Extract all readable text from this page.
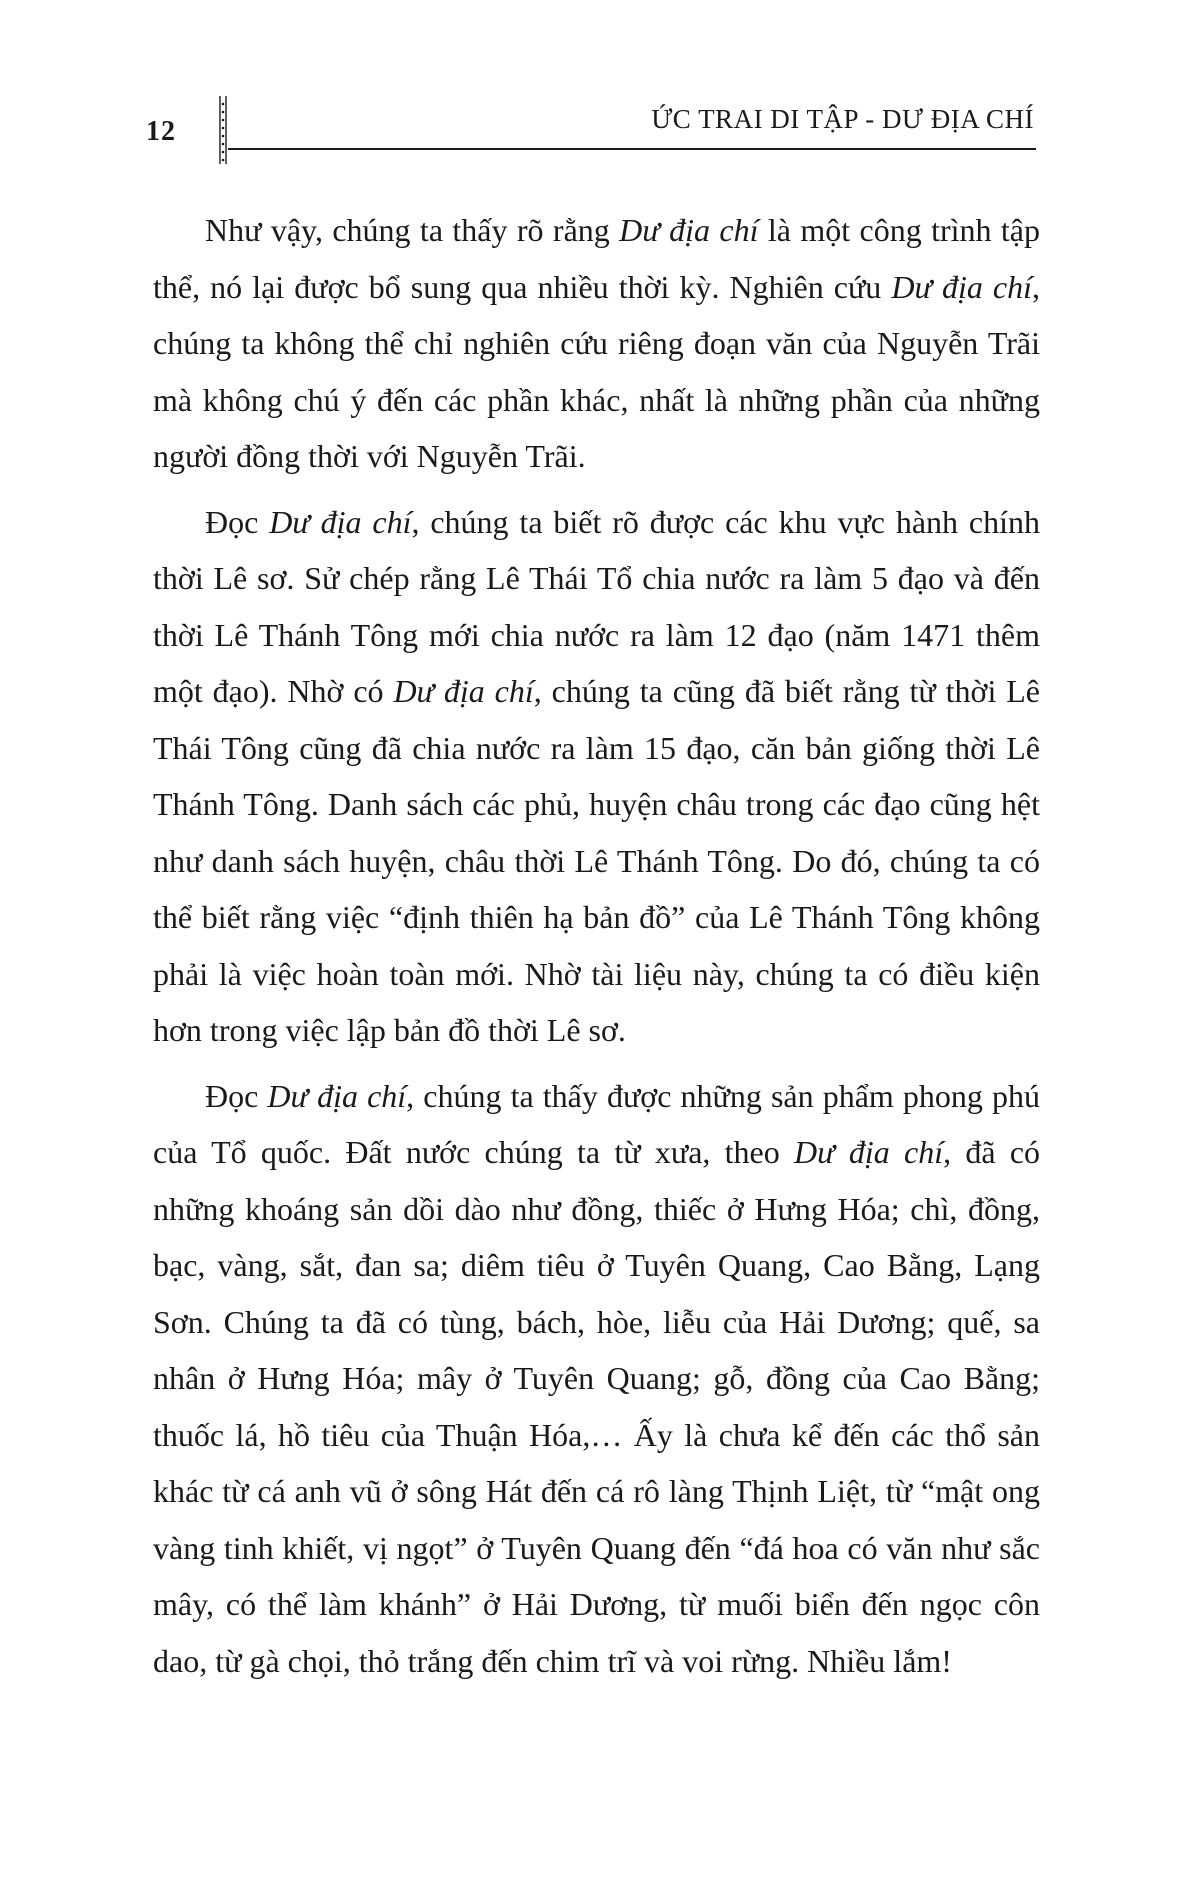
12	ỨC TRAI DI TẬP - DƯ ĐỊA CHÍ

Như vậy, chúng ta thấy rõ rằng Dư địa chí là một công trình tập thể, nó lại được bổ sung qua nhiều thời kỳ. Nghiên cứu Dư địa chí, chúng ta không thể chỉ nghiên cứu riêng đoạn văn của Nguyễn Trãi mà không chú ý đến các phần khác, nhất là những phần của những người đồng thời với Nguyễn Trãi.

Đọc Dư địa chí, chúng ta biết rõ được các khu vực hành chính thời Lê sơ. Sử chép rằng Lê Thái Tổ chia nước ra làm 5 đạo và đến thời Lê Thánh Tông mới chia nước ra làm 12 đạo (năm 1471 thêm một đạo). Nhờ có Dư địa chí, chúng ta cũng đã biết rằng từ thời Lê Thái Tông cũng đã chia nước ra làm 15 đạo, căn bản giống thời Lê Thánh Tông. Danh sách các phủ, huyện châu trong các đạo cũng hệt như danh sách huyện, châu thời Lê Thánh Tông. Do đó, chúng ta có thể biết rằng việc “định thiên hạ bản đồ” của Lê Thánh Tông không phải là việc hoàn toàn mới. Nhờ tài liệu này, chúng ta có điều kiện hơn trong việc lập bản đồ thời Lê sơ.

Đọc Dư địa chí, chúng ta thấy được những sản phẩm phong phú của Tổ quốc. Đất nước chúng ta từ xưa, theo Dư địa chí, đã có những khoáng sản dồi dào như đồng, thiếc ở Hưng Hóa; chì, đồng, bạc, vàng, sắt, đan sa; diêm tiêu ở Tuyên Quang, Cao Bằng, Lạng Sơn. Chúng ta đã có tùng, bách, hòe, liễu của Hải Dương; quế, sa nhân ở Hưng Hóa; mây ở Tuyên Quang; gỗ, đồng của Cao Bằng; thuốc lá, hồ tiêu của Thuận Hóa,… Ấy là chưa kể đến các thổ sản khác từ cá anh vũ ở sông Hát đến cá rô làng Thịnh Liệt, từ “mật ong vàng tinh khiết, vị ngọt” ở Tuyên Quang đến “đá hoa có văn như sắc mây, có thể làm khánh” ở Hải Dương, từ muối biển đến ngọc côn dao, từ gà chọi, thỏ trắng đến chim trĩ và voi rừng. Nhiều lắm!
